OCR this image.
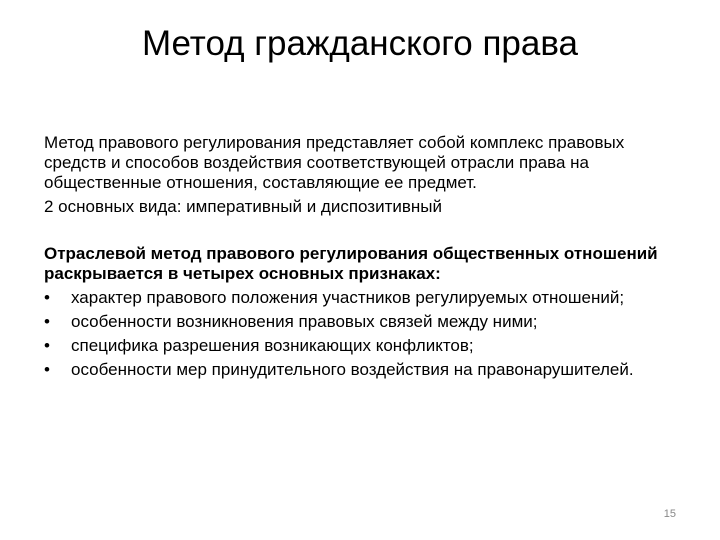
Метод гражданского права

Метод правового регулирования представляет собой комплекс правовых средств и способов воздействия соответствующей отрасли права на общественные отношения, составляющие ее предмет.

2 основных вида: императивный и диспозитивный

Отраслевой метод правового регулирования общественных отношений раскрывается в четырех основных признаках:

• характер правового положения участников регулируемых отношений;
• особенности возникновения правовых связей между ними;
• специфика разрешения возникающих конфликтов;
• особенности мер принудительного воздействия на правонарушителей.
15
